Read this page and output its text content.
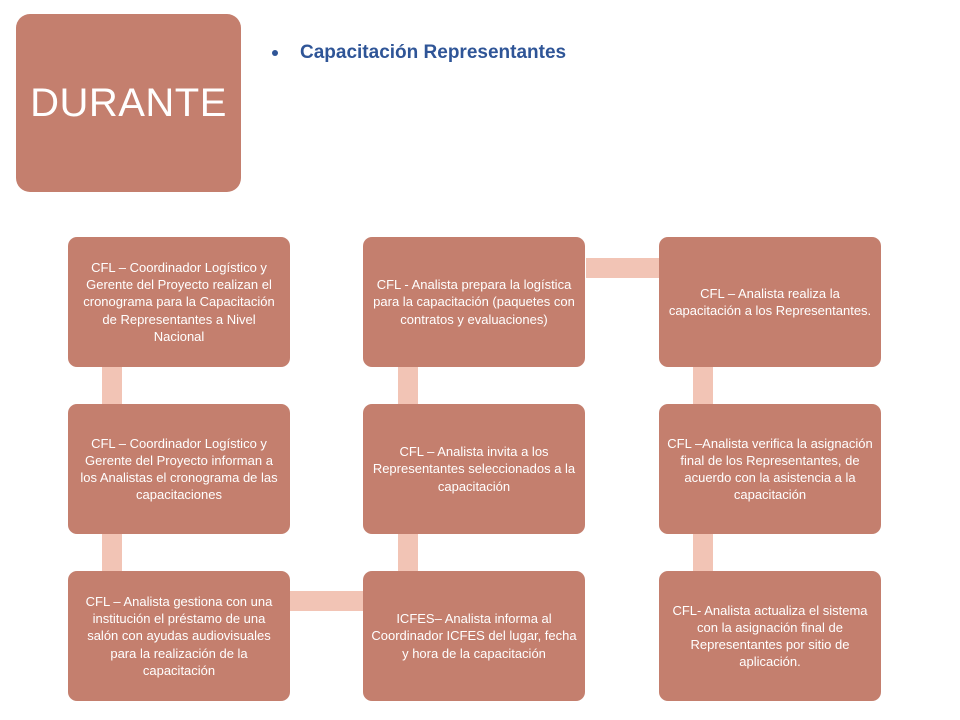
DURANTE
Capacitación Representantes
CFL – Coordinador Logístico y Gerente del Proyecto realizan el cronograma para la Capacitación de Representantes a Nivel Nacional
CFL – Coordinador Logístico y Gerente del Proyecto informan a los Analistas el cronograma de las capacitaciones
CFL – Analista gestiona con una institución el préstamo de una salón con ayudas audiovisuales para la realización de la capacitación
ICFES– Analista informa al Coordinador ICFES del lugar, fecha y hora de la capacitación
CFL – Analista invita a los Representantes seleccionados a la capacitación
CFL - Analista prepara la logística para la capacitación (paquetes con contratos y evaluaciones)
CFL – Analista realiza la capacitación a los Representantes.
CFL –Analista verifica la asignación final de los Representantes, de acuerdo con la asistencia a la capacitación
CFL- Analista actualiza el sistema con la asignación final de Representantes por sitio de aplicación.
